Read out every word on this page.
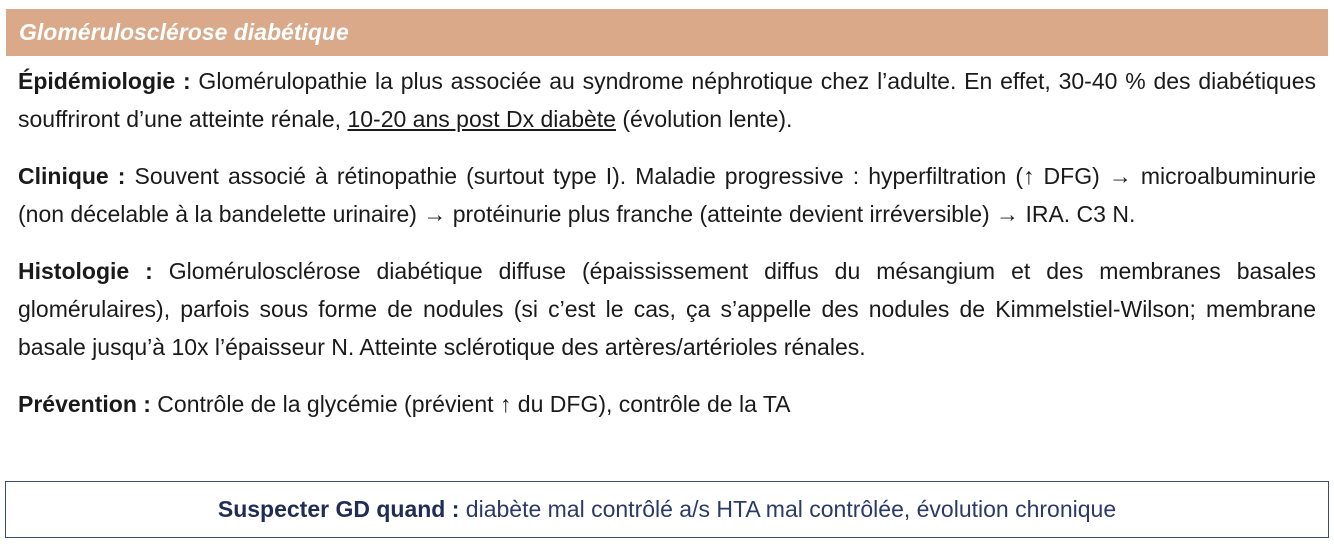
Glomérulosclérose diabétique

Épidémiologie : Glomérulopathie la plus associée au syndrome néphrotique chez l’adulte. En effet, 30-40 % des diabétiques souffriront d’une atteinte rénale, 10-20 ans post Dx diabète (évolution lente).

Clinique : Souvent associé à rétinopathie (surtout type I). Maladie progressive : hyperfiltration (↑ DFG) → microalbuminurie (non décelable à la bandelette urinaire) → protéinurie plus franche (atteinte devient irréversible) → IRA. C3 N.

Histologie : Glomérulosclérose diabétique diffuse (épaississement diffus du mésangium et des membranes basales glomérulaires), parfois sous forme de nodules (si c’est le cas, ça s’appelle des nodules de Kimmelstiel-Wilson; membrane basale jusqu’à 10x l’épaisseur N. Atteinte sclérotique des artères/artérioles rénales.

Prévention : Contrôle de la glycémie (prévient ↑ du DFG), contrôle de la TA

Suspecter GD quand :
diabète mal contrôlé a/s HTA mal contrôlée, évolution chronique
